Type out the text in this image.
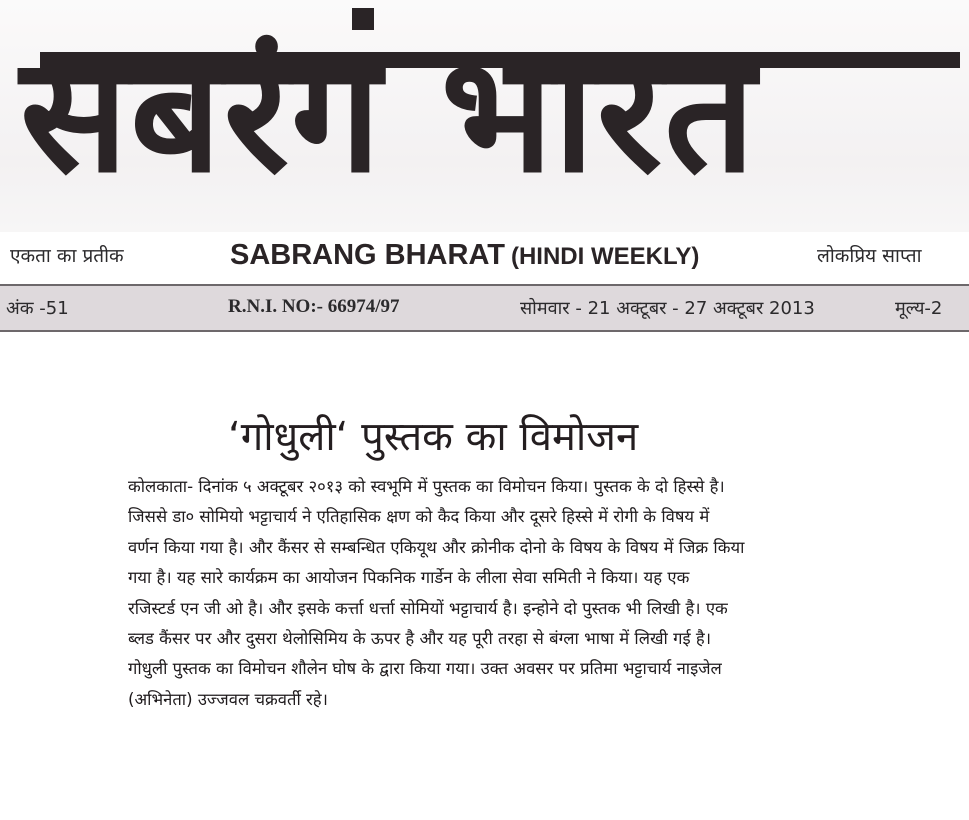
सबरंग भारत
एकता का प्रतीक	SABRANG BHARAT (HINDI WEEKLY)	लोकप्रिय साप्ता
अंक -51	R.N.I. NO:- 66974/97	सोमवार - 21 अक्टूबर - 27 अक्टूबर 2013	मूल्य-2
‘गोधुली‘ पुस्तक का विमोजन
कोलकाता- दिनांक ५ अक्टूबर २०१३ को स्वभूमि में पुस्तक का विमोचन किया। पुस्तक के दो हिस्से है।
जिससे डा० सोमियो भट्टाचार्य ने एतिहासिक क्षण को कैद किया और दूसरे हिस्से में रोगी के विषय में
वर्णन किया गया है। और कैंसर से सम्बन्धित एकियूथ और क्रोनीक दोनो के विषय के विषय में जिक्र किया
गया है। यह सारे कार्यक्रम का आयोजन पिकनिक गार्डेन के लीला सेवा समिती ने किया। यह एक
रजिस्टर्ड एन जी ओ है। और इसके कर्त्ता धर्त्ता सोमियों भट्टाचार्य है। इन्होने दो पुस्तक भी लिखी है। एक
ब्लड कैंसर पर और दुसरा थेलोसिमिय के ऊपर है और यह पूरी तरहा से बंग्ला भाषा में लिखी गई है।
गोधुली पुस्तक का विमोचन शौलेन घोष के द्वारा किया गया। उक्त अवसर पर प्रतिमा भट्टाचार्य नाइजेल
(अभिनेता) उज्जवल चक्रवर्ती रहे।
